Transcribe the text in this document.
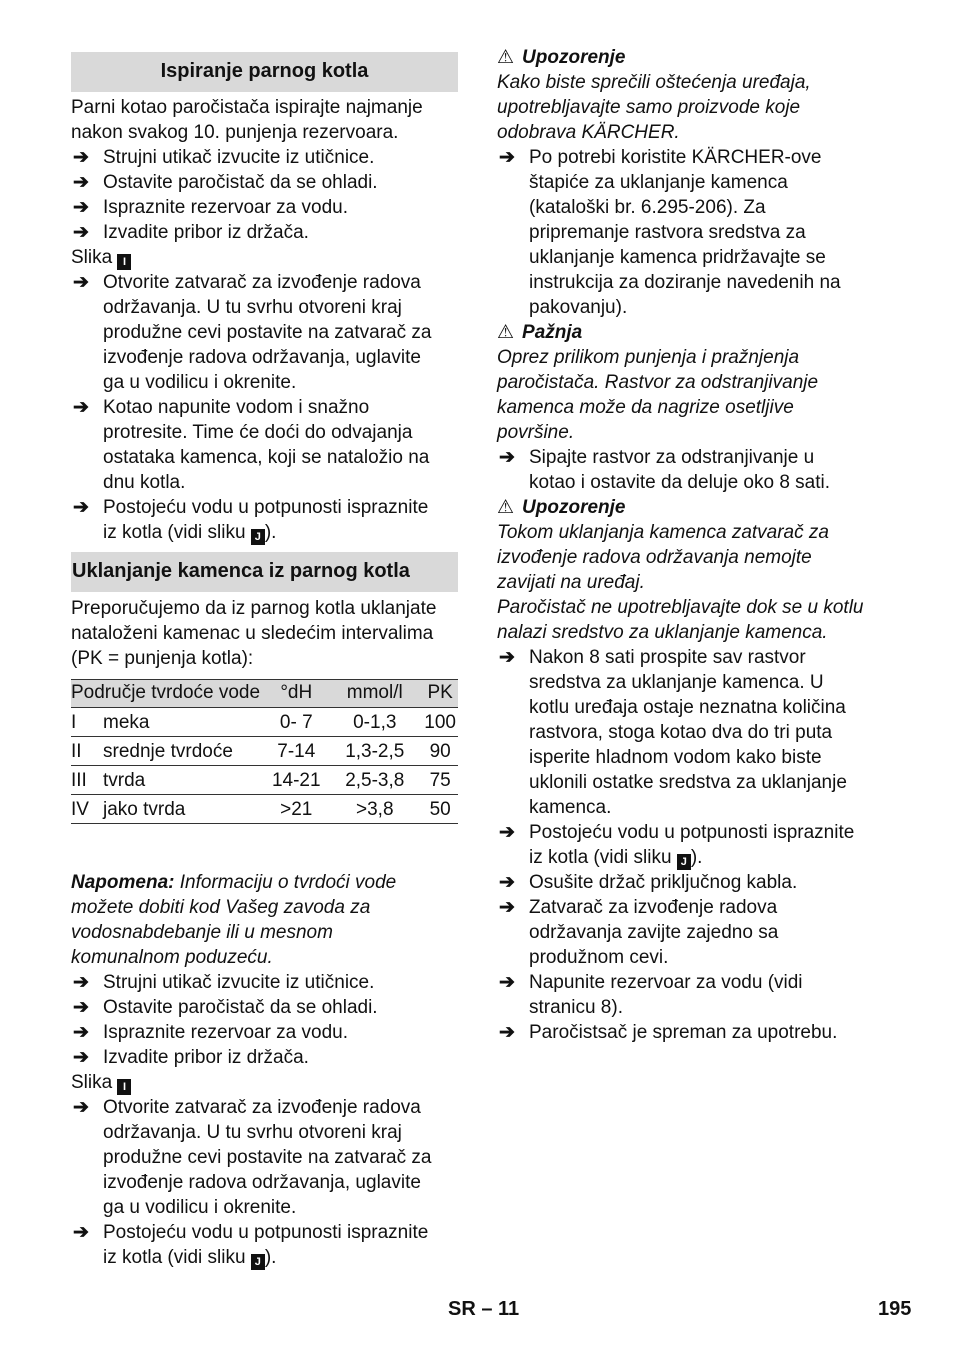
Ispiranje parnog kotla

Parni kotao paročistača ispirajte najmanje

nakon svakog 10. punjenja rezervoara.

➔ Strujni utikač izvucite iz utičnice.

➔ Ostavite paročistač da se ohladi.

➔ Ispraznite rezervoar za vodu.

➔ Izvadite pribor iz držača.

Slika I

➔ Otvorite zatvarač za izvođenje radova
održavanja. U tu svrhu otvoreni kraj
produžne cevi postavite na zatvarač za
izvođenje radova održavanja, uglavite
ga u vodilicu i okrenite.
➔ Kotao napunite vodom i snažno
protresite. Time će doći do odvajanja
ostataka kamenca, koji se nataložio na
dnu kotla.
➔ Postojeću vodu u potpunosti ispraznite
iz kotla (vidi sliku J ).
Uklanjanje kamenca iz parnog kotla

Preporučujemo da iz parnog kotla uklanjate

nataloženi kamenac u sledećim intervalima

(PK = punjenja kotla):

Područje tvrdoće vode		°dH	mmol/l	PK
I	meka	0- 7	0-1,3	100
II	srednje tvrdoće	7-14	1,3-2,5	90
III	tvrda	14-21	2,5-3,8	75
IV	jako tvrda	>21	>3,8	50

Napomena: Informaciju o tvrdoći vode

možete dobiti kod Vašeg zavoda za

vodosnabdebanje ili u mesnom

komunalnom poduzeću.

➔ Strujni utikač izvucite iz utičnice.

➔ Ostavite paročistač da se ohladi.

➔ Ispraznite rezervoar za vodu.

➔ Izvadite pribor iz držača.

Slika I

➔ Otvorite zatvarač za izvođenje radova
održavanja. U tu svrhu otvoreni kraj
produžne cevi postavite na zatvarač za
izvođenje radova održavanja, uglavite
ga u vodilicu i okrenite.
➔ Postojeću vodu u potpunosti ispraznite
iz kotla (vidi sliku J ).

⚠ Upozorenje

Kako biste sprečili oštećenja uređaja,

upotrebljavajte samo proizvode koje

odobrava KÄRCHER.

➔ Po potrebi koristite KÄRCHER-ove
štapiće za uklanjanje kamenca
(kataloški br. 6.295-206). Za
pripremanje rastvora sredstva za
uklanjanje kamenca pridržavajte se
instrukcija za doziranje navedenih na
pakovanju).

⚠ Pažnja

Oprez prilikom punjenja i pražnjenja

paročistača. Rastvor za odstranjivanje

kamenca može da nagrize osetljive

površine.

➔ Sipajte rastvor za odstranjivanje u
kotao i ostavite da deluje oko 8 sati.

⚠ Upozorenje

Tokom uklanjanja kamenca zatvarač za

izvođenje radova održavanja nemojte

zavijati na uređaj.

Paročistač ne upotrebljavajte dok se u kotlu

nalazi sredstvo za uklanjanje kamenca.

➔ Nakon 8 sati prospite sav rastvor
sredstva za uklanjanje kamenca. U
kotlu uređaja ostaje neznatna količina
rastvora, stoga kotao dva do tri puta
isperite hladnom vodom kako biste
uklonili ostatke sredstva za uklanjanje
kamenca.
➔ Postojeću vodu u potpunosti ispraznite
iz kotla (vidi sliku J ).
➔ Osušite držač priključnog kabla.
➔ Zatvarač za izvođenje radova
održavanja zavijte zajedno sa
produžnom cevi.
➔ Napunite rezervoar za vodu (vidi
stranicu 8).
➔ Paročistsač je spreman za upotrebu.
SR – 11	195
